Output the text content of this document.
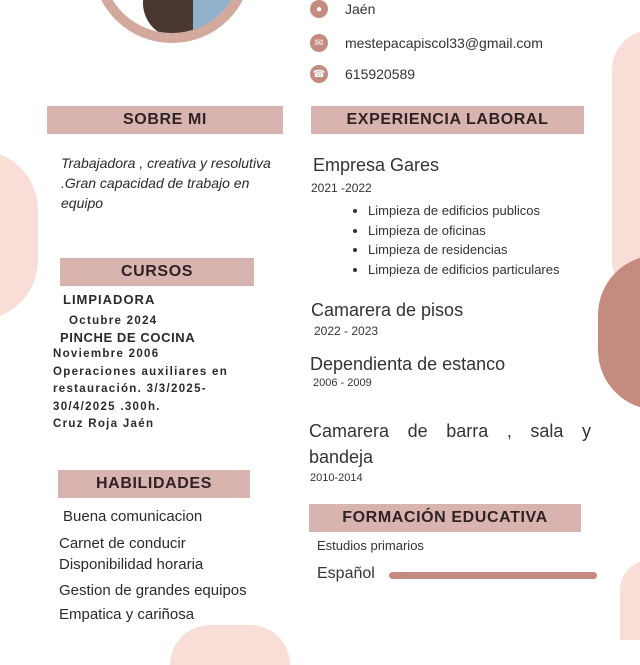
●	Jaén
✉	mestepacapiscol33@gmail.com
☎ 615920589
SOBRE MI
Trabajadora , creativa y resolutiva
.Gran capacidad de trabajo en
equipo
CURSOS
LIMPIADORA
Octubre 2024
PINCHE DE COCINA
Noviembre 2006
Operaciones auxiliares en
restauración. 3/3/2025-
30/4/2025 .300h.
Cruz Roja Jaén
HABILIDADES
Buena comunicacion
Carnet de conducir
Disponibilidad horaria
Gestion de grandes equipos
Empatica y cariñosa
EXPERIENCIA LABORAL
Empresa Gares
2021 -2022
• Limpieza de edificios publicos
• Limpieza de oficinas
• Limpieza de residencias
• Limpieza de edificios particulares
Camarera de pisos
2022 - 2023
Dependienta de estanco
2006 - 2009
Camarera de barra , sala y
bandeja
2010-2014
FORMACIÓN EDUCATIVA
Estudios primarios
Español
